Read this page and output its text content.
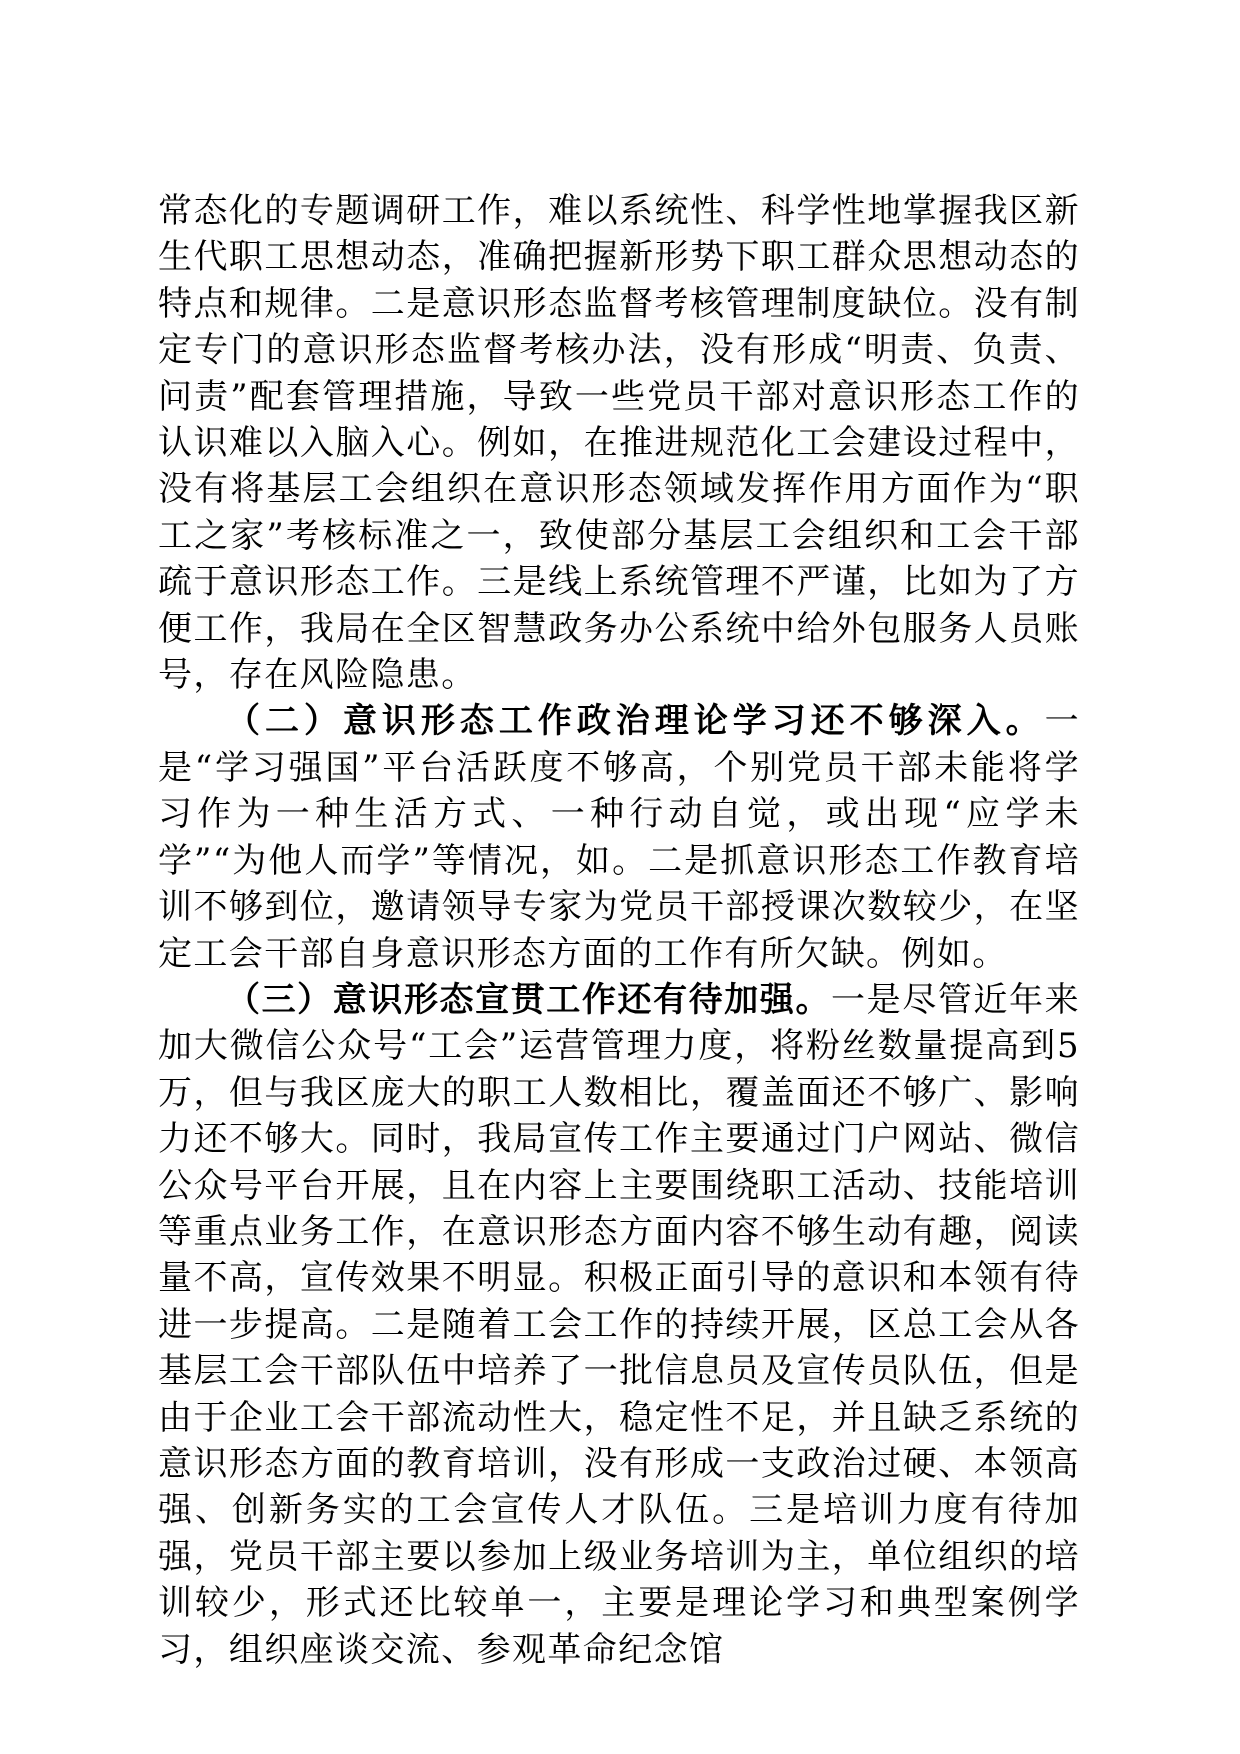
常态化的专题调研工作，难以系统性、科学性地掌握我区新生代职工思想动态，准确把握新形势下职工群众思想动态的特点和规律。二是意识形态监督考核管理制度缺位。没有制定专门的意识形态监督考核办法，没有形成“明责、负责、问责”配套管理措施，导致一些党员干部对意识形态工作的认识难以入脑入心。例如，在推进规范化工会建设过程中，没有将基层工会组织在意识形态领域发挥作用方面作为“职工之家”考核标准之一，致使部分基层工会组织和工会干部疏于意识形态工作。三是线上系统管理不严谨，比如为了方便工作，我局在全区智慧政务办公系统中给外包服务人员账号，存在风险隐患。

（二）意识形态工作政治理论学习还不够深入。一是“学习强国”平台活跃度不够高，个别党员干部未能将学习作为一种生活方式、一种行动自觉，或出现“应学未学”“为他人而学”等情况，如。二是抓意识形态工作教育培训不够到位，邀请领导专家为党员干部授课次数较少，在坚定工会干部自身意识形态方面的工作有所欠缺。例如。

（三）意识形态宣贯工作还有待加强。一是尽管近年来加大微信公众号“工会”运营管理力度，将粉丝数量提高到5万，但与我区庞大的职工人数相比，覆盖面还不够广、影响力还不够大。同时，我局宣传工作主要通过门户网站、微信公众号平台开展，且在内容上主要围绕职工活动、技能培训等重点业务工作，在意识形态方面内容不够生动有趣，阅读量不高，宣传效果不明显。积极正面引导的意识和本领有待进一步提高。二是随着工会工作的持续开展，区总工会从各基层工会干部队伍中培养了一批信息员及宣传员队伍，但是由于企业工会干部流动性大，稳定性不足，并且缺乏系统的意识形态方面的教育培训，没有形成一支政治过硬、本领高强、创新务实的工会宣传人才队伍。三是培训力度有待加强，党员干部主要以参加上级业务培训为主，单位组织的培训较少，形式还比较单一，主要是理论学习和典型案例学习，组织座谈交流、参观革命纪念馆
